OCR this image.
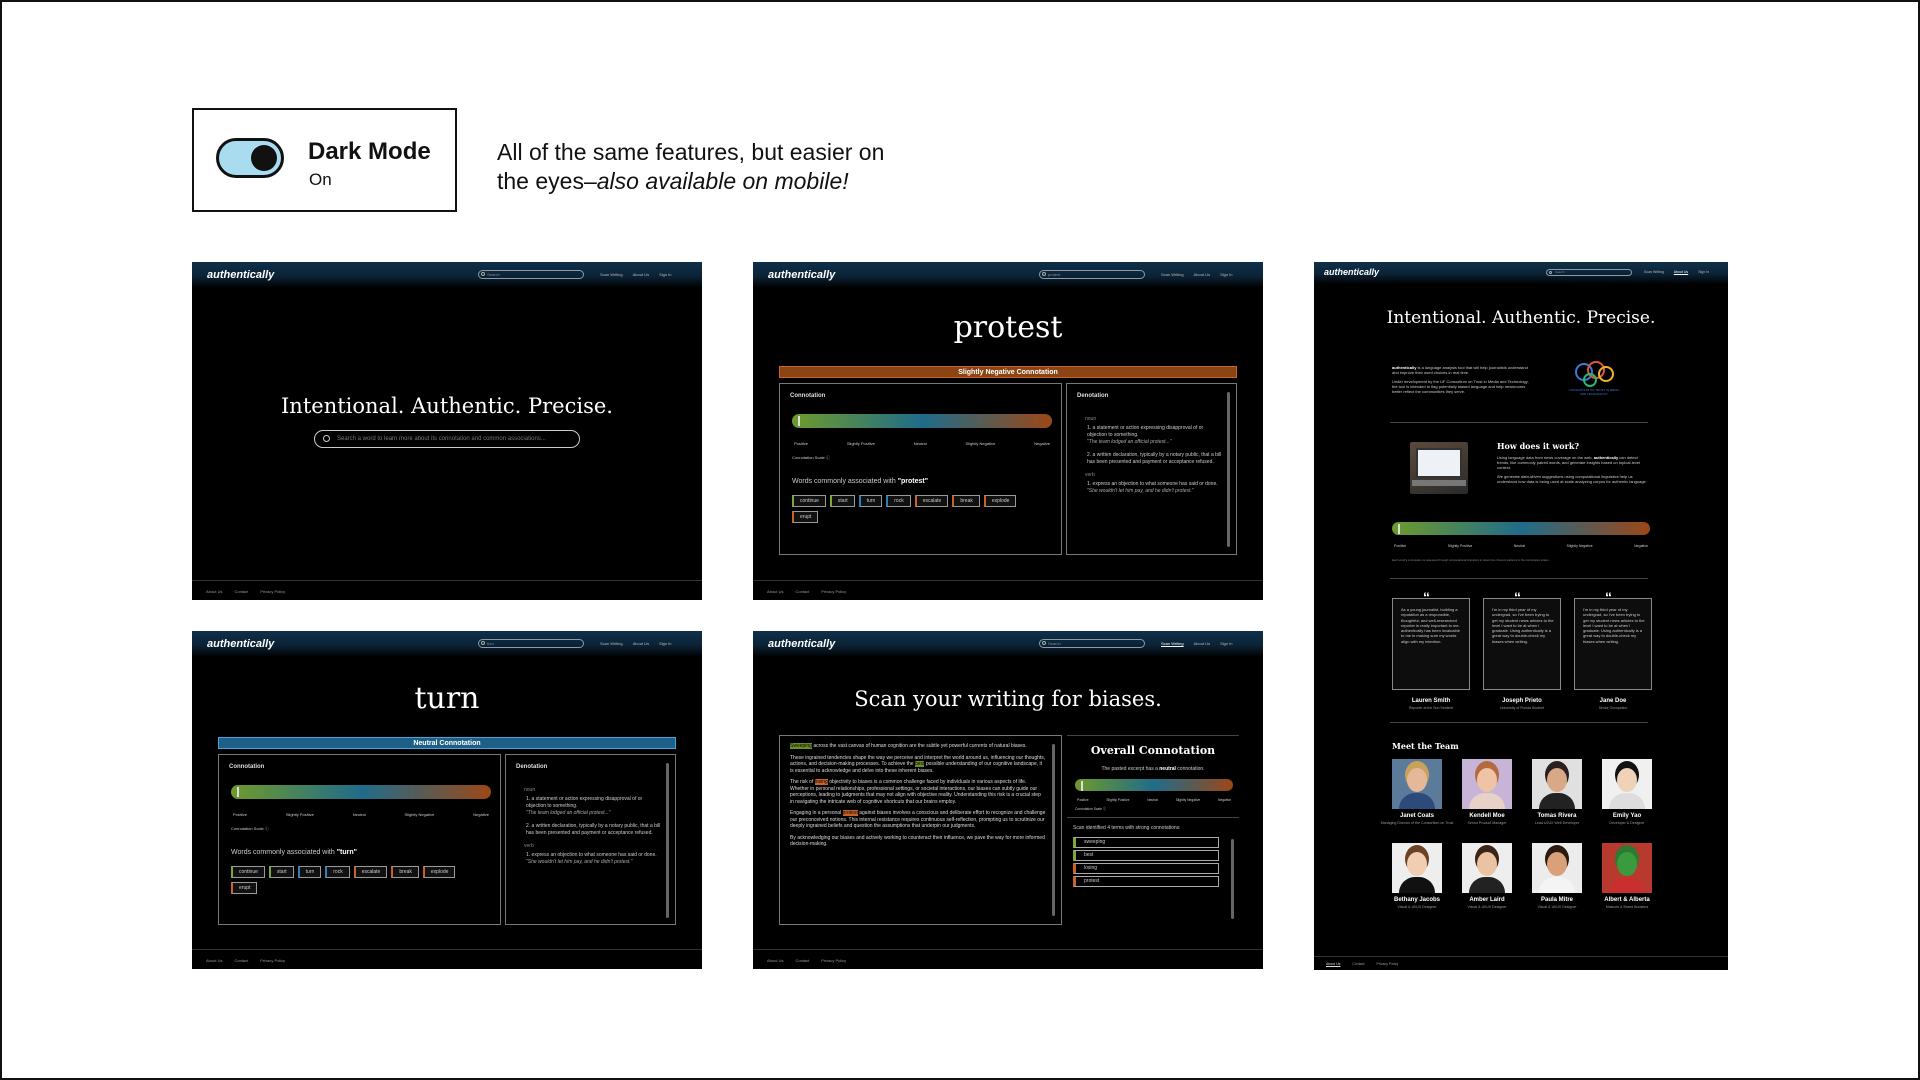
Dark Mode
On
All of the same features, but easier on
the eyes–also available on mobile!
authentically	Search	Scan Writing	About Us	Sign In
Intentional. Authentic. Precise.
Search a word to learn more about its connotation and common associations...
About Us	Contact	Privacy Policy
authentically	protest	Scan Writing	About Us	Sign In
protest
Slightly Negative Connotation
Connotation
Positive	Slightly Positive	Neutral	Slightly Negative	Negative
Connotation Scale ⓘ
Words commonly associated with "protest"
continue	start	turn	rock	escalate	break	explode
erupt
Denotation
noun
1. a statement or action expressing disapproval of or objection to something.
"The team lodged an official protest..."
2. a written declaration, typically by a notary public, that a bill has been presented and payment or acceptance refused.
verb
1. express an objection to what someone has said or done.
"She wouldn't let him pay, and he didn't protest."
About Us	Contact	Privacy Policy
authentically	turn	Scan Writing	About Us	Sign In
turn
Neutral Connotation
Connotation
Positive	Slightly Positive	Neutral	Slightly Negative	Negative
Connotation Scale ⓘ
Words commonly associated with "turn"
continue	start	turn	rock	escalate	break	explode
erupt
Denotation
noun
1. a statement or action expressing disapproval of or objection to something.
"The team lodged an official protest..."
2. a written declaration, typically by a notary public, that a bill has been presented and payment or acceptance refused.
verb
1. express an objection to what someone has said or done.
"She wouldn't let him pay, and he didn't protest."
About Us	Contact	Privacy Policy
authentically	Search	Scan Writing	About Us	Sign In
Scan your writing for biases.

Sweeping across the vast canvas of human cognition are the subtle yet powerful currents of natural biases.

These ingrained tendencies shape the way we perceive and interpret the world around us, influencing our thoughts, actions, and decision-making processes. To achieve the best possible understanding of our cognitive landscape, it is essential to acknowledge and delve into these inherent biases.

The risk of losing objectivity to biases is a common challenge faced by individuals in various aspects of life. Whether in personal relationships, professional settings, or societal interactions, our biases can subtly guide our perceptions, leading to judgments that may not align with objective reality. Understanding this risk is a crucial step in navigating the intricate web of cognitive shortcuts that our brains employ.

Engaging in a personal protest against biases involves a conscious and deliberate effort to recognize and challenge our preconceived notions. This internal resistance requires continuous self-reflection, prompting us to scrutinize our deeply ingrained beliefs and question the assumptions that underpin our judgments.

By acknowledging our biases and actively working to counteract their influence, we pave the way for more informed decision-making.

Overall Connotation
The pasted excerpt has a neutral connotation.
Positive	Slightly Positive	Neutral	Slightly Negative	Negative
Connotation Scale ⓘ
Scan identified 4 terms with strong connotations:
sweeping
best
losing
protest
About Us	Contact	Privacy Policy
authentically	Search	Scan Writing	About Us	Sign In
Intentional. Authentic. Precise.

authentically is a language analysis tool that will help journalists understand and improve their word choices in real time.

Under development by the UF Consortium on Trust in Media and Technology, the tool is intended to flag potentially biased language and help newsrooms better reflect the communities they serve.	CONSORTIUM ON TRUST IN MEDIA AND TECHNOLOGY
How does it work?

Using language data from news coverage on the web, authentically can detect trends, like commonly paired words, and generate insights based on topical-level context.

We generate data-driven suggestions using computational linguistics help us understand how data is being used at scale analyzing corpus for authentic language.

Positive	Slightly Positive	Neutral	Slightly Negative	Negative
Each word's connotation is assessed through computational linguistics to determine inherent patterns in the connotative scales.
“
As a young journalist, building a reputation as a responsible, thoughtful, and well-researched reporter is really important to me. authentically has been invaluable to me in making sure my words align with my intention.
“
I'm in my third year of my undergrad, so I've been trying to get my student news articles to the level I want to be at when I graduate. Using authentically is a great way to double-check my biases when writing.
“
I'm in my third year of my undergrad, so I've been trying to get my student news articles to the level I want to be at when I graduate. Using authentically is a great way to double-check my biases when writing.
Lauren Smith
Reporter at the Sun Sentinel
Joseph Prieto
University of Florida Student
Jane Doe
Senior Occupation
Meet the Team
Janet Coats
Managing Director of the Consortium on Trust
Kendell Moe
Senior Product Manager
Tomas Rivera
Lead UI/UX Web Developer
Emily Yao
Developer & Designer
Bethany Jacobs
Visual & UI/UX Designer
Amber Laird
Visual & UI/UX Designer
Paula Mitre
Visual & UI/UX Designer
Albert & Alberta
Mascots & Brand Boosters
About Us	Contact	Privacy Policy
